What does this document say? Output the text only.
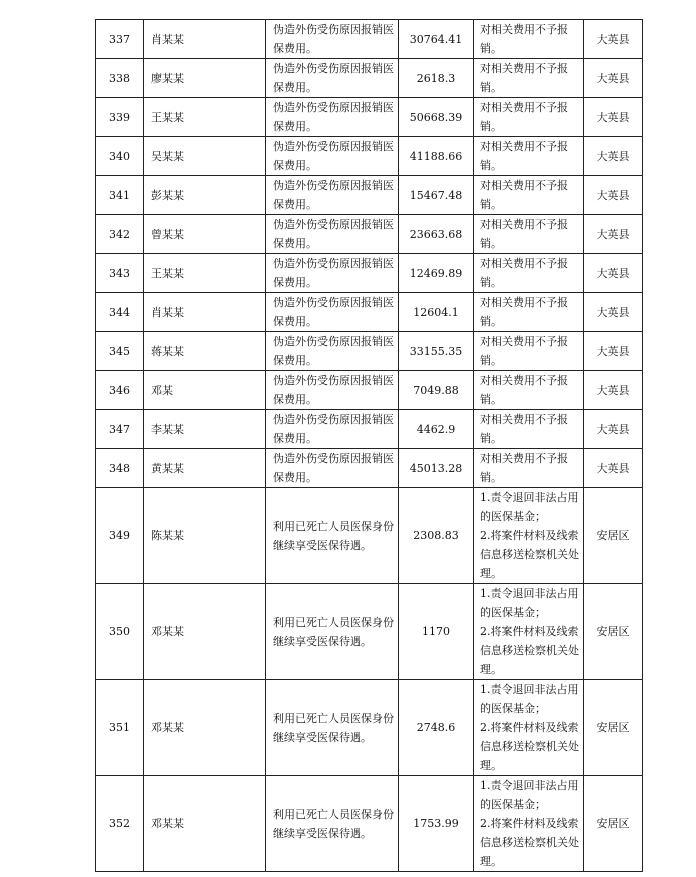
337	肖某某	伪造外伤受伤原因报销医
保费用。	30764.41	对相关费用不予报
销。	大英县
338	廖某某	伪造外伤受伤原因报销医
保费用。	2618.3	对相关费用不予报
销。	大英县
339	王某某	伪造外伤受伤原因报销医
保费用。	50668.39	对相关费用不予报
销。	大英县
340	吴某某	伪造外伤受伤原因报销医
保费用。	41188.66	对相关费用不予报
销。	大英县
341	彭某某	伪造外伤受伤原因报销医
保费用。	15467.48	对相关费用不予报
销。	大英县
342	曾某某	伪造外伤受伤原因报销医
保费用。	23663.68	对相关费用不予报
销。	大英县
343	王某某	伪造外伤受伤原因报销医
保费用。	12469.89	对相关费用不予报
销。	大英县
344	肖某某	伪造外伤受伤原因报销医
保费用。	12604.1	对相关费用不予报
销。	大英县
345	蒋某某	伪造外伤受伤原因报销医
保费用。	33155.35	对相关费用不予报
销。	大英县
346	邓某	伪造外伤受伤原因报销医
保费用。	7049.88	对相关费用不予报
销。	大英县
347	李某某	伪造外伤受伤原因报销医
保费用。	4462.9	对相关费用不予报
销。	大英县
348	黄某某	伪造外伤受伤原因报销医
保费用。	45013.28	对相关费用不予报
销。	大英县
349	陈某某	利用已死亡人员医保身份
继续享受医保待遇。	2308.83	1.责令退回非法占用
的医保基金；
2.将案件材料及线索
信息移送检察机关处
理。	安居区
350	邓某某	利用已死亡人员医保身份
继续享受医保待遇。	1170	1.责令退回非法占用
的医保基金；
2.将案件材料及线索
信息移送检察机关处
理。	安居区
351	邓某某	利用已死亡人员医保身份
继续享受医保待遇。	2748.6	1.责令退回非法占用
的医保基金；
2.将案件材料及线索
信息移送检察机关处
理。	安居区
352	邓某某	利用已死亡人员医保身份
继续享受医保待遇。	1753.99	1.责令退回非法占用
的医保基金；
2.将案件材料及线索
信息移送检察机关处
理。	安居区
